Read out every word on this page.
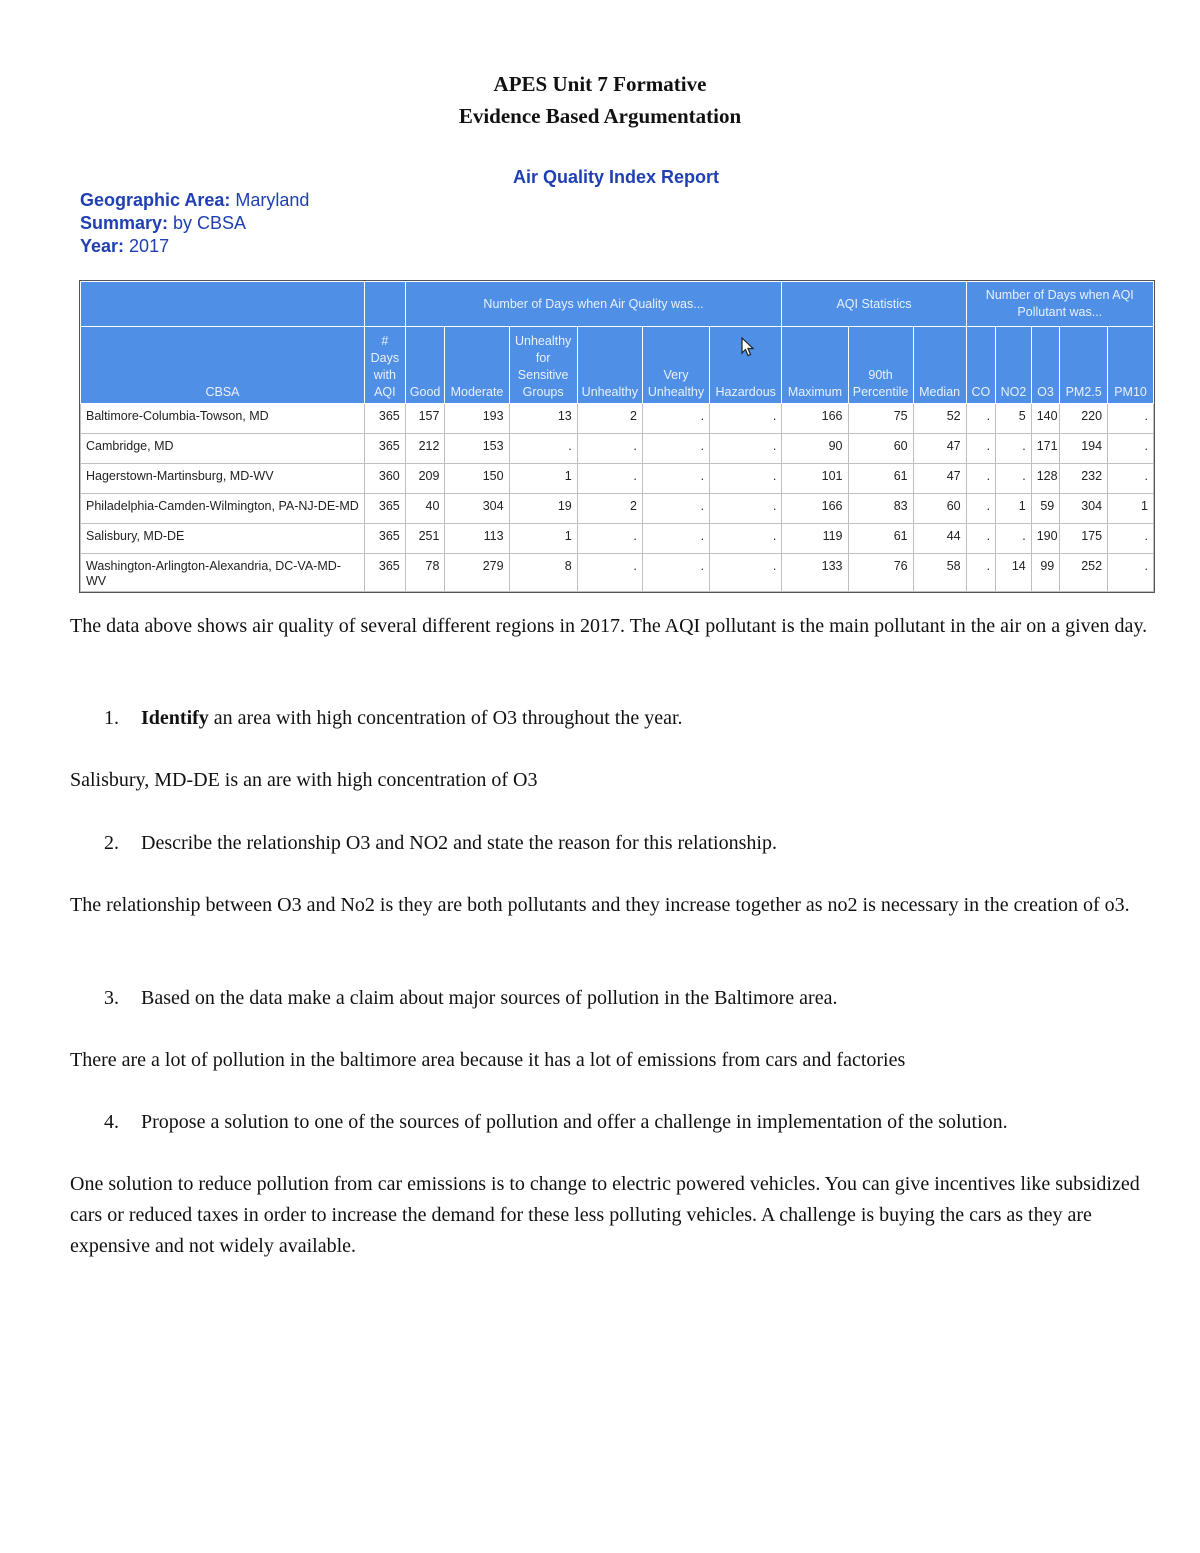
APES Unit 7 Formative
Evidence Based Argumentation
Air Quality Index Report
Geographic Area: Maryland
Summary: by CBSA
Year: 2017
		Number of Days when Air Quality was...						AQI Statistics			Number of Days when AQI Pollutant was...				
CBSA	# Days with AQI	Good	Moderate	Unhealthy for Sensitive Groups	Unhealthy	Very Unhealthy	Hazardous	Maximum	90th Percentile	Median	CO	NO2	O3	PM2.5	PM10
Baltimore-Columbia-Towson, MD	365	157	193	13	2	.	.	166	75	52	.	5	140	220	.
Cambridge, MD	365	212	153	.	.	.	.	90	60	47	.	.	171	194	.
Hagerstown-Martinsburg, MD-WV	360	209	150	1	.	.	.	101	61	47	.	.	128	232	.
Philadelphia-Camden-Wilmington, PA-NJ-DE-MD	365	40	304	19	2	.	.	166	83	60	.	1	59	304	1
Salisbury, MD-DE	365	251	113	1	.	.	.	119	61	44	.	.	190	175	.
Washington-Arlington-Alexandria, DC-VA-MD-WV	365	78	279	8	.	.	.	133	76	58	.	14	99	252	.
The data above shows air quality of several different regions in 2017. The AQI pollutant is the main pollutant in the air on a given day.
1. Identify an area with high concentration of O3 throughout the year.
Salisbury, MD-DE is an are with high concentration of O3
2. Describe the relationship O3 and NO2 and state the reason for this relationship.
The relationship between O3 and No2 is they are both pollutants and they increase together as no2 is necessary in the creation of o3.
3. Based on the data make a claim about major sources of pollution in the Baltimore area.
There are a lot of pollution in the baltimore area because it has a lot of emissions from cars and factories
4. Propose a solution to one of the sources of pollution and offer a challenge in implementation of the solution.
One solution to reduce pollution from car emissions is to change to electric powered vehicles. You can give incentives like subsidized cars or reduced taxes in order to increase the demand for these less polluting vehicles. A challenge is buying the cars as they are expensive and not widely available.
